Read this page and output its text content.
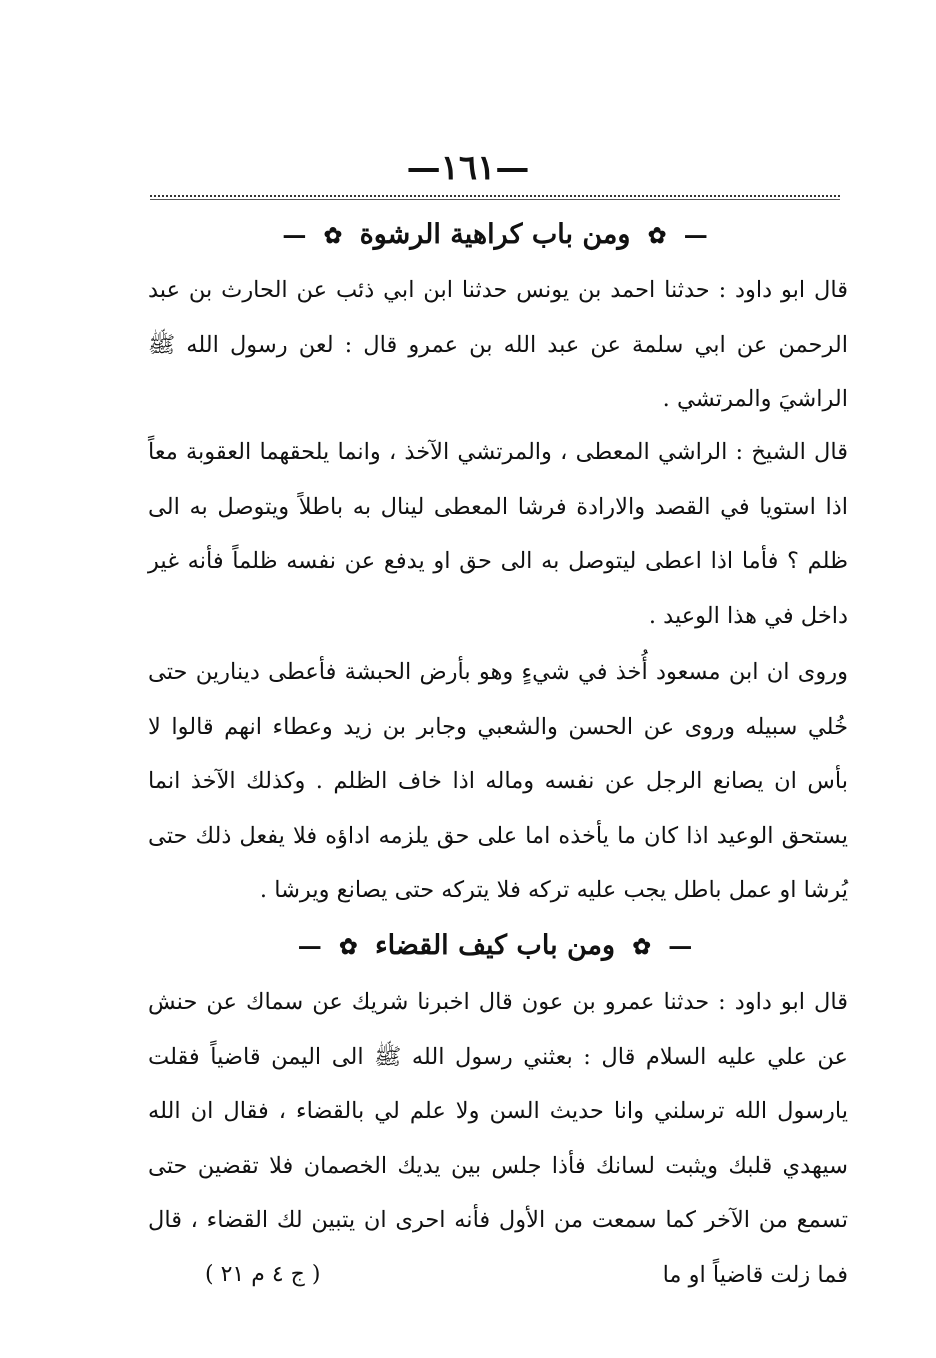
—١٦١—
— ✿ ومن باب كراهية الرشوة ✿ —
قال ابو داود : حدثنا احمد بن يونس حدثنا ابن ابي ذئب عن الحارث بن عبد الرحمن عن ابي سلمة عن عبد الله بن عمرو قال : لعن رسول الله ﷺ الراشيَ والمرتشي .
قال الشيخ : الراشي المعطى ، والمرتشي الآخذ ، وانما يلحقهما العقوبة معاً اذا استويا في القصد والارادة فرشا المعطى لينال به باطلاً ويتوصل به الى ظلم ؟ فأما اذا اعطى ليتوصل به الى حق او يدفع عن نفسه ظلماً فأنه غير داخل في هذا الوعيد .
وروى ان ابن مسعود أُخذ في شيءٍ وهو بأرض الحبشة فأعطى دينارين حتى خُلي سبيله وروى عن الحسن والشعبي وجابر بن زيد وعطاء انهم قالوا لا بأس ان يصانع الرجل عن نفسه وماله اذا خاف الظلم . وكذلك الآخذ انما يستحق الوعيد اذا كان ما يأخذه اما على حق يلزمه اداؤه فلا يفعل ذلك حتى يُرشا او عمل باطل يجب عليه تركه فلا يتركه حتى يصانع ويرشا .
— ✿ ومن باب كيف القضاء ✿ —
قال ابو داود : حدثنا عمرو بن عون قال اخبرنا شريك عن سماك عن حنش عن علي عليه السلام قال : بعثني رسول الله ﷺ الى اليمن قاضياً فقلت يارسول الله ترسلني وانا حديث السن ولا علم لي بالقضاء ، فقال ان الله سيهدي قلبك ويثبت لسانك فأذا جلس بين يديك الخصمان فلا تقضين حتى تسمع من الآخر كما سمعت من الأول فأنه احرى ان يتبين لك القضاء ، قال فما زلت قاضياً او ما
( ج ٤ م ٢١ )
